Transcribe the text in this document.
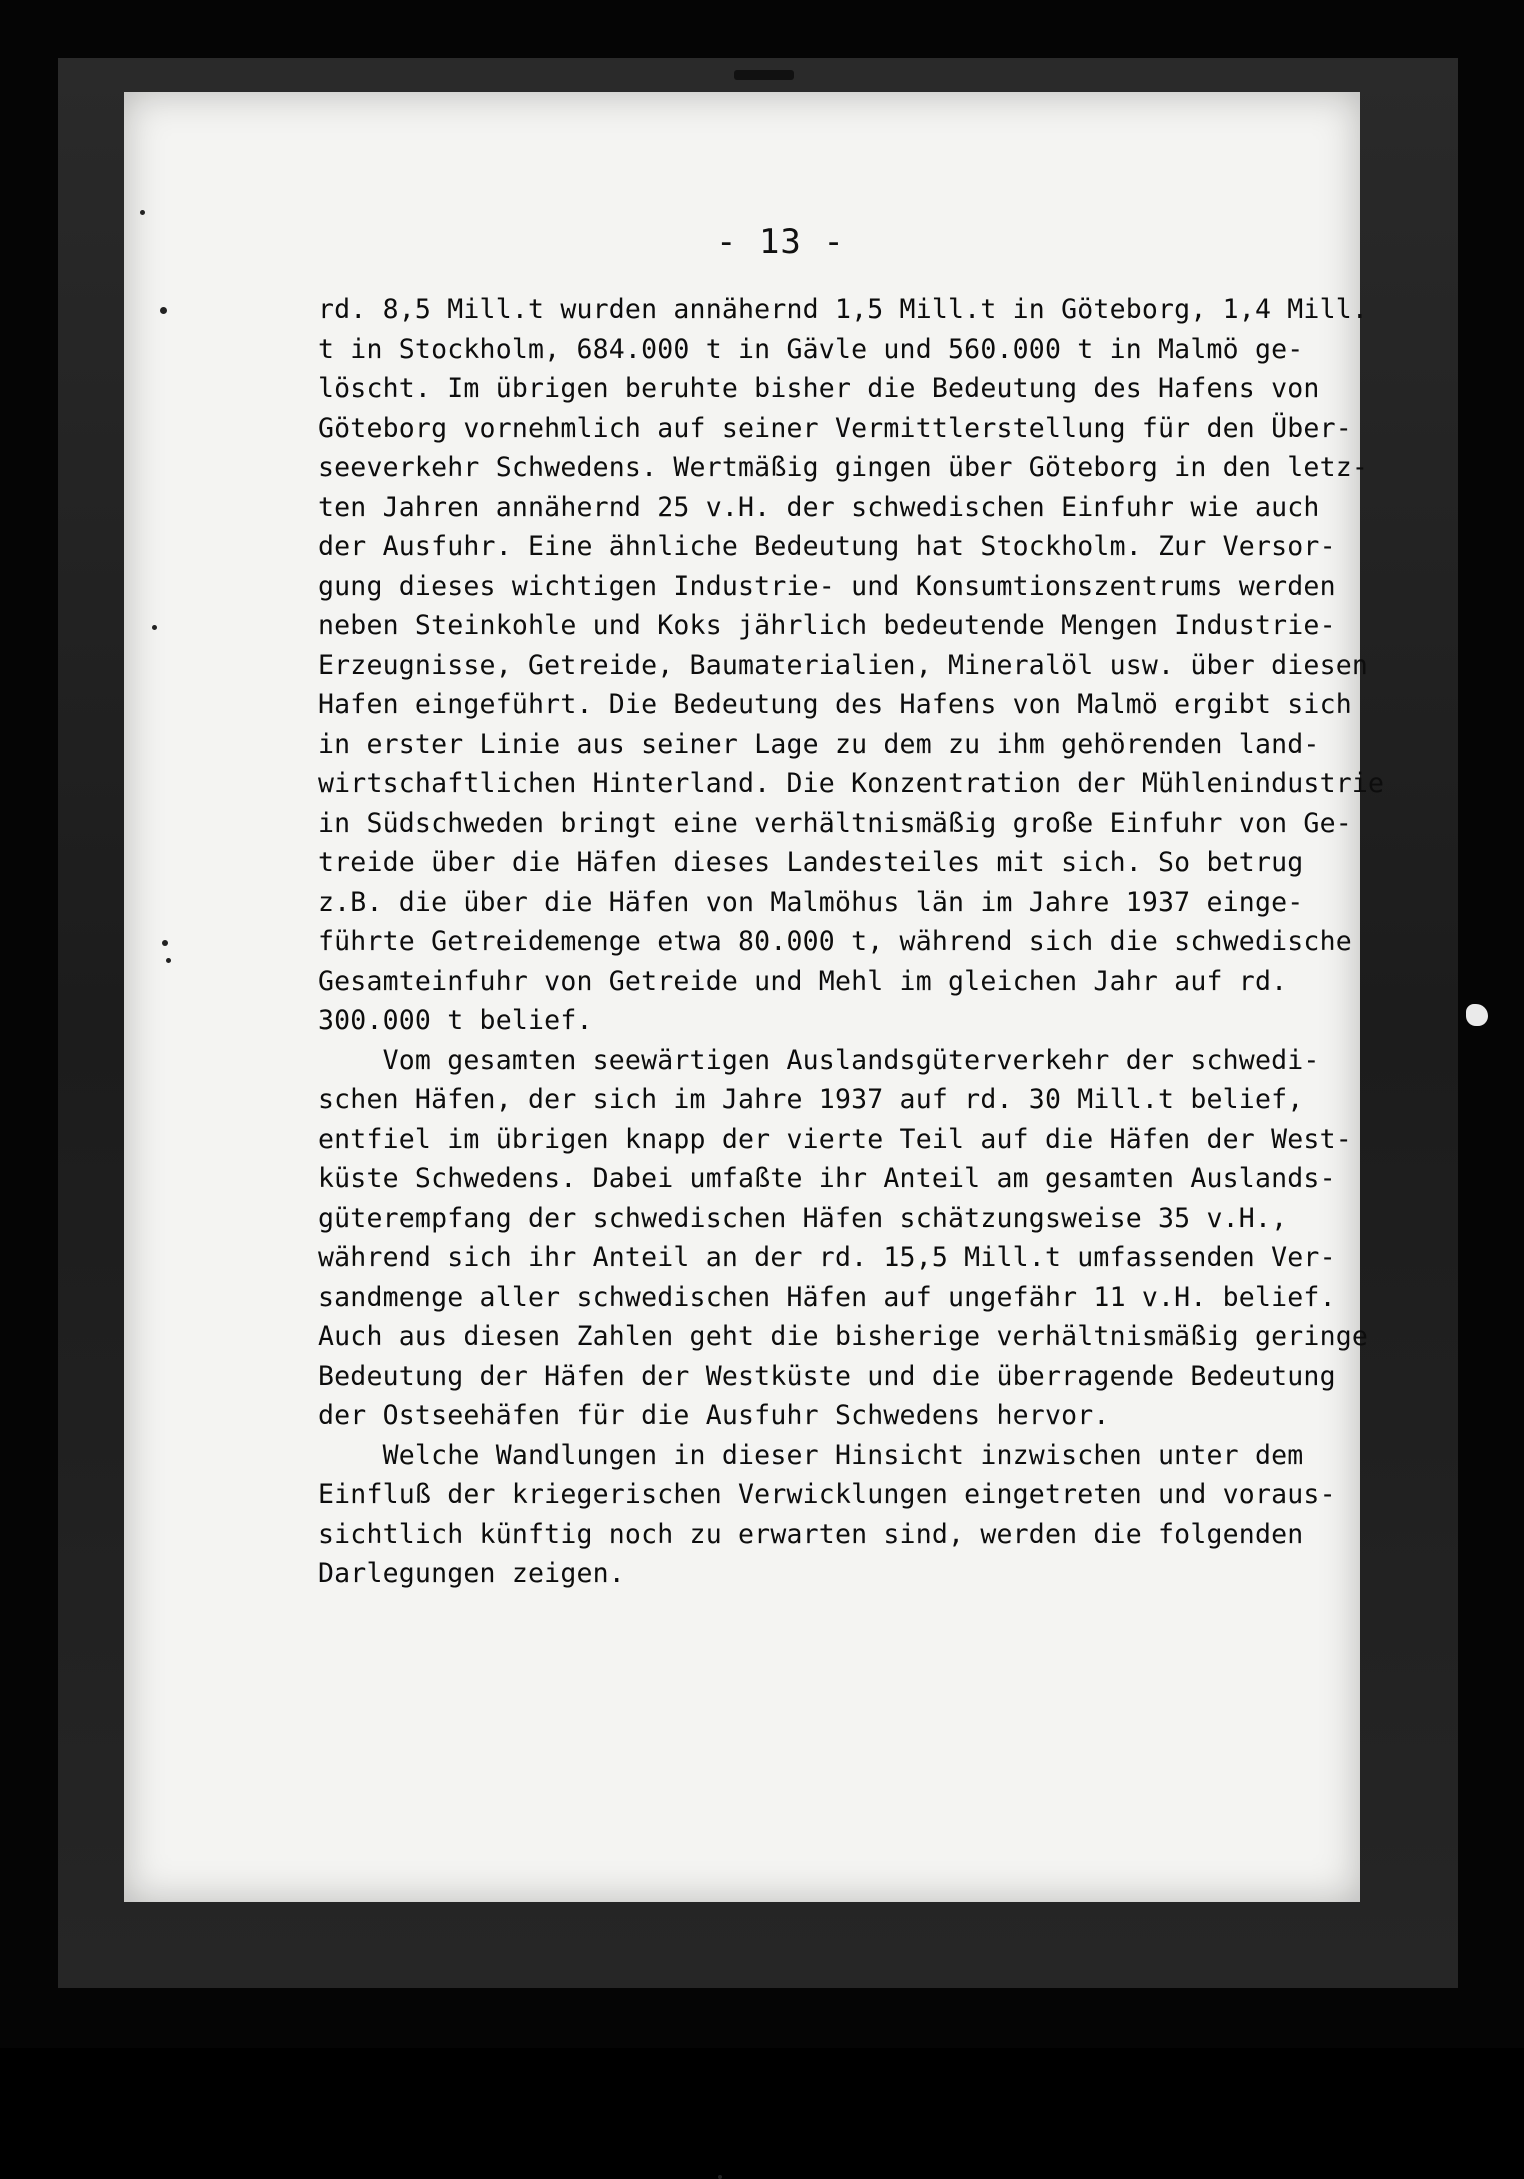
- 13 -
rd. 8,5 Mill.t wurden annähernd 1,5 Mill.t in Göteborg, 1,4 Mill.
t in Stockholm, 684.000 t in Gävle und 560.000 t in Malmö ge-
löscht. Im übrigen beruhte bisher die Bedeutung des Hafens von
Göteborg vornehmlich auf seiner Vermittlerstellung für den Über-
seeverkehr Schwedens. Wertmäßig gingen über Göteborg in den letz-
ten Jahren annähernd 25 v.H. der schwedischen Einfuhr wie auch
der Ausfuhr. Eine ähnliche Bedeutung hat Stockholm. Zur Versor-
gung dieses wichtigen Industrie- und Konsumtionszentrums werden
neben Steinkohle und Koks jährlich bedeutende Mengen Industrie-
Erzeugnisse, Getreide, Baumaterialien, Mineralöl usw. über diesen
Hafen eingeführt. Die Bedeutung des Hafens von Malmö ergibt sich
in erster Linie aus seiner Lage zu dem zu ihm gehörenden land-
wirtschaftlichen Hinterland. Die Konzentration der Mühlenindustrie
in Südschweden bringt eine verhältnismäßig große Einfuhr von Ge-
treide über die Häfen dieses Landesteiles mit sich. So betrug
z.B. die über die Häfen von Malmöhus län im Jahre 1937 einge-
führte Getreidemenge etwa 80.000 t, während sich die schwedische
Gesamteinfuhr von Getreide und Mehl im gleichen Jahr auf rd.
300.000 t belief.
Vom gesamten seewärtigen Auslandsgüterverkehr der schwedi-
schen Häfen, der sich im Jahre 1937 auf rd. 30 Mill.t belief,
entfiel im übrigen knapp der vierte Teil auf die Häfen der West-
küste Schwedens. Dabei umfaßte ihr Anteil am gesamten Auslands-
güterempfang der schwedischen Häfen schätzungsweise 35 v.H.,
während sich ihr Anteil an der rd. 15,5 Mill.t umfassenden Ver-
sandmenge aller schwedischen Häfen auf ungefähr 11 v.H. belief.
Auch aus diesen Zahlen geht die bisherige verhältnismäßig geringe
Bedeutung der Häfen der Westküste und die überragende Bedeutung
der Ostseehäfen für die Ausfuhr Schwedens hervor.
Welche Wandlungen in dieser Hinsicht inzwischen unter dem
Einfluß der kriegerischen Verwicklungen eingetreten und voraus-
sichtlich künftig noch zu erwarten sind, werden die folgenden
Darlegungen zeigen.
